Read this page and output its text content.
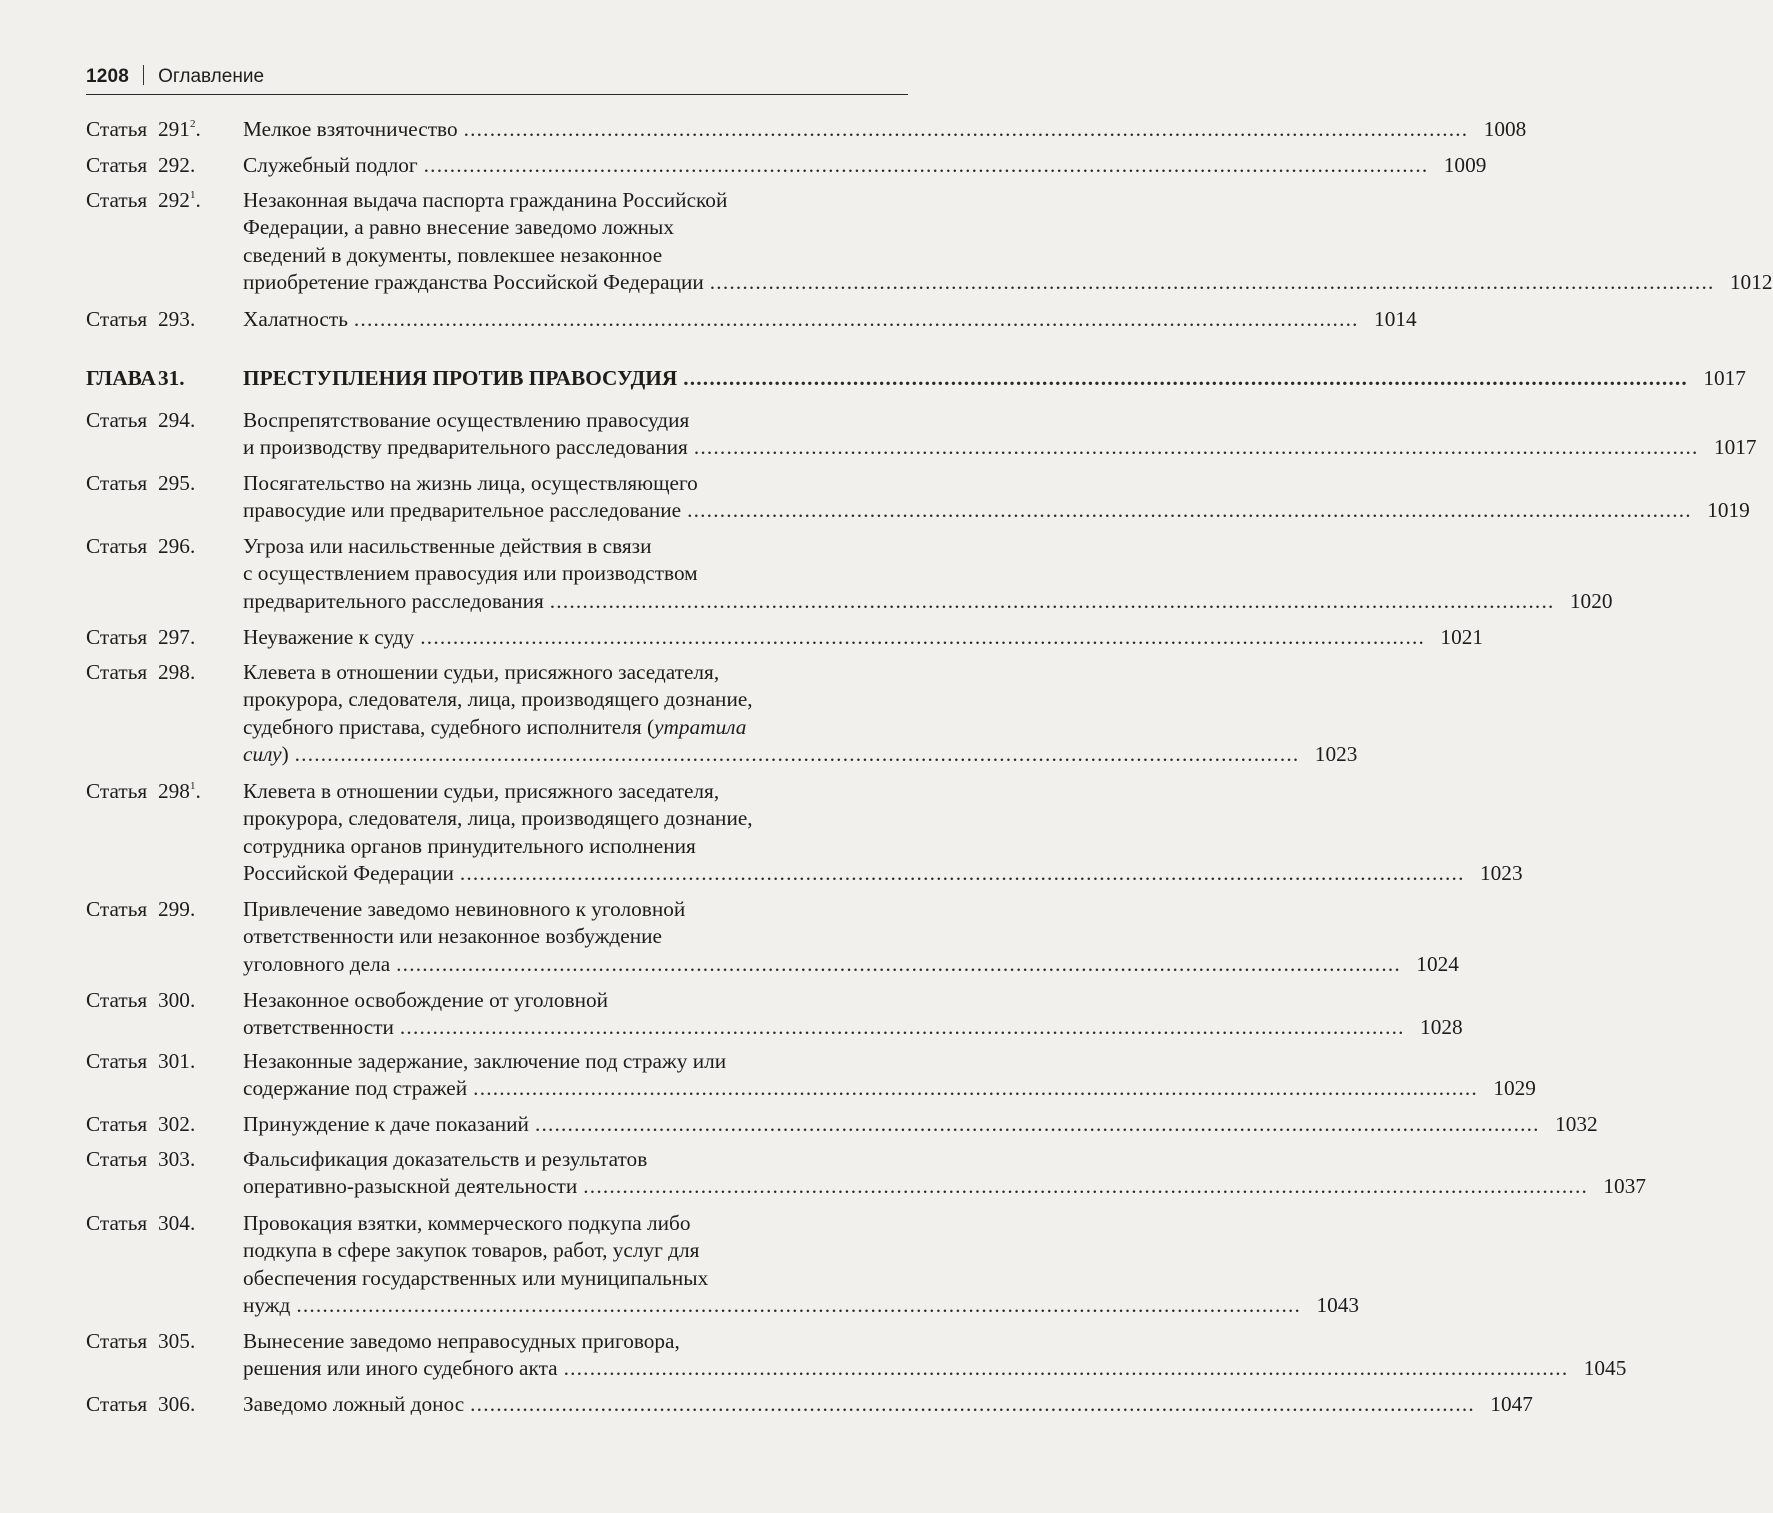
1208 Оглавление
Статья $291^2$.	Мелкое взяточничество .......................................................................................................................................................... 1008
Статья 292.	Служебный подлог .......................................................................................................................................................... 1009
Статья $292^1$.	Незаконная выдача паспорта гражданина Российской
Федерации, а равно внесение заведомо ложных
сведений в документы, повлекшее незаконное
приобретение гражданства Российской Федерации .......................................................................................................................................................... 1012
Статья 293.	Халатность .......................................................................................................................................................... 1014
ГЛАВА 31.	ПРЕСТУПЛЕНИЯ ПРОТИВ ПРАВОСУДИЯ .......................................................................................................................................................... 1017
Статья 294.	Воспрепятствование осуществлению правосудия
и производству предварительного расследования .......................................................................................................................................................... 1017
Статья 295.	Посягательство на жизнь лица, осуществляющего
правосудие или предварительное расследование .......................................................................................................................................................... 1019
Статья 296.	Угроза или насильственные действия в связи
с осуществлением правосудия или производством
предварительного расследования .......................................................................................................................................................... 1020
Статья 297.	Неуважение к суду .......................................................................................................................................................... 1021
Статья 298.	Клевета в отношении судьи, присяжного заседателя,
прокурора, следователя, лица, производящего дознание,
судебного пристава, судебного исполнителя (утратила
силу) .......................................................................................................................................................... 1023
Статья $298^1$.	Клевета в отношении судьи, присяжного заседателя,
прокурора, следователя, лица, производящего дознание,
сотрудника органов принудительного исполнения
Российской Федерации .......................................................................................................................................................... 1023
Статья 299.	Привлечение заведомо невиновного к уголовной
ответственности или незаконное возбуждение
уголовного дела .......................................................................................................................................................... 1024
Статья 300.	Незаконное освобождение от уголовной
ответственности .......................................................................................................................................................... 1028
Статья 301.	Незаконные задержание, заключение под стражу или
содержание под стражей .......................................................................................................................................................... 1029
Статья 302.	Принуждение к даче показаний .......................................................................................................................................................... 1032
Статья 303.	Фальсификация доказательств и результатов
оперативно-разыскной деятельности .......................................................................................................................................................... 1037
Статья 304.	Провокация взятки, коммерческого подкупа либо
подкупа в сфере закупок товаров, работ, услуг для
обеспечения государственных или муниципальных
нужд .......................................................................................................................................................... 1043
Статья 305.	Вынесение заведомо неправосудных приговора,
решения или иного судебного акта .......................................................................................................................................................... 1045
Статья 306.	Заведомо ложный донос .......................................................................................................................................................... 1047
